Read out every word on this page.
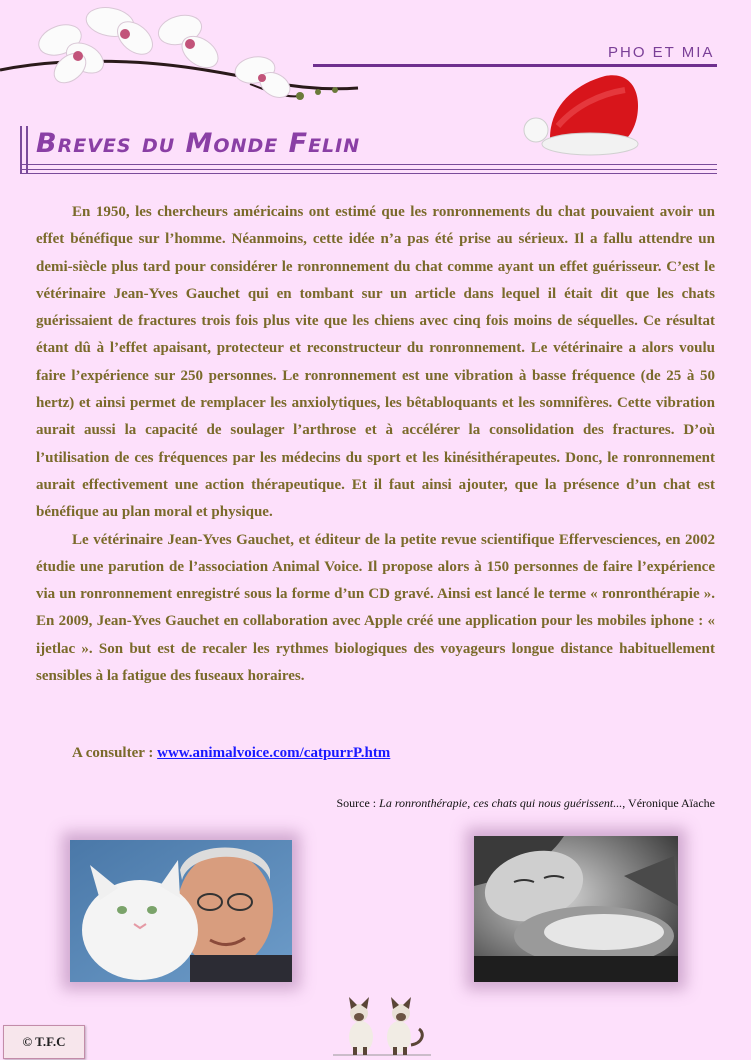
PHO ET MIA
Breves du Monde Felin

En 1950, les chercheurs américains ont estimé que les ronronnements du chat pouvaient avoir un effet bénéfique sur l’homme. Néanmoins, cette idée n’a pas été prise au sérieux. Il a fallu attendre un demi-siècle plus tard pour considérer le ronronnement du chat comme ayant un effet guérisseur. C’est le vétérinaire Jean-Yves Gauchet qui en tombant sur un article dans lequel il était dit que les chats guérissaient de fractures trois fois plus vite que les chiens avec cinq fois moins de séquelles. Ce résultat étant dû à l’effet apaisant, protecteur et reconstructeur du ronronnement. Le vétérinaire a alors voulu faire l’expérience sur 250 personnes. Le ronronnement est une vibration à basse fréquence (de 25 à 50 hertz) et ainsi permet de remplacer les anxiolytiques, les bêtabloquants et les somnifères. Cette vibration aurait aussi la capacité de soulager l’arthrose et à accélérer la consolidation des fractures. D’où l’utilisation de ces fréquences par les médecins du sport et les kinésithérapeutes. Donc, le ronronnement aurait effectivement une action thérapeutique. Et il faut ainsi ajouter, que la présence d’un chat est bénéfique au plan moral et physique.

Le vétérinaire Jean-Yves Gauchet, et éditeur de la petite revue scientifique Effervesciences, en 2002 étudie une parution de l’association Animal Voice. Il propose alors à 150 personnes de faire l’expérience via un ronronnement enregistré sous la forme d’un CD gravé. Ainsi est lancé le terme « ronronthérapie ». En 2009, Jean-Yves Gauchet en collaboration avec Apple créé une application pour les mobiles iphone : « ijetlac ». Son but est de recaler les rythmes biologiques des voyageurs longue distance habituellement sensibles à la fatigue des fuseaux horaires.

A consulter : www.animalvoice.com/catpurrP.htm
Source : La ronronthérapie, ces chats qui nous guérissent..., Véronique Aïache
© T.F.C
